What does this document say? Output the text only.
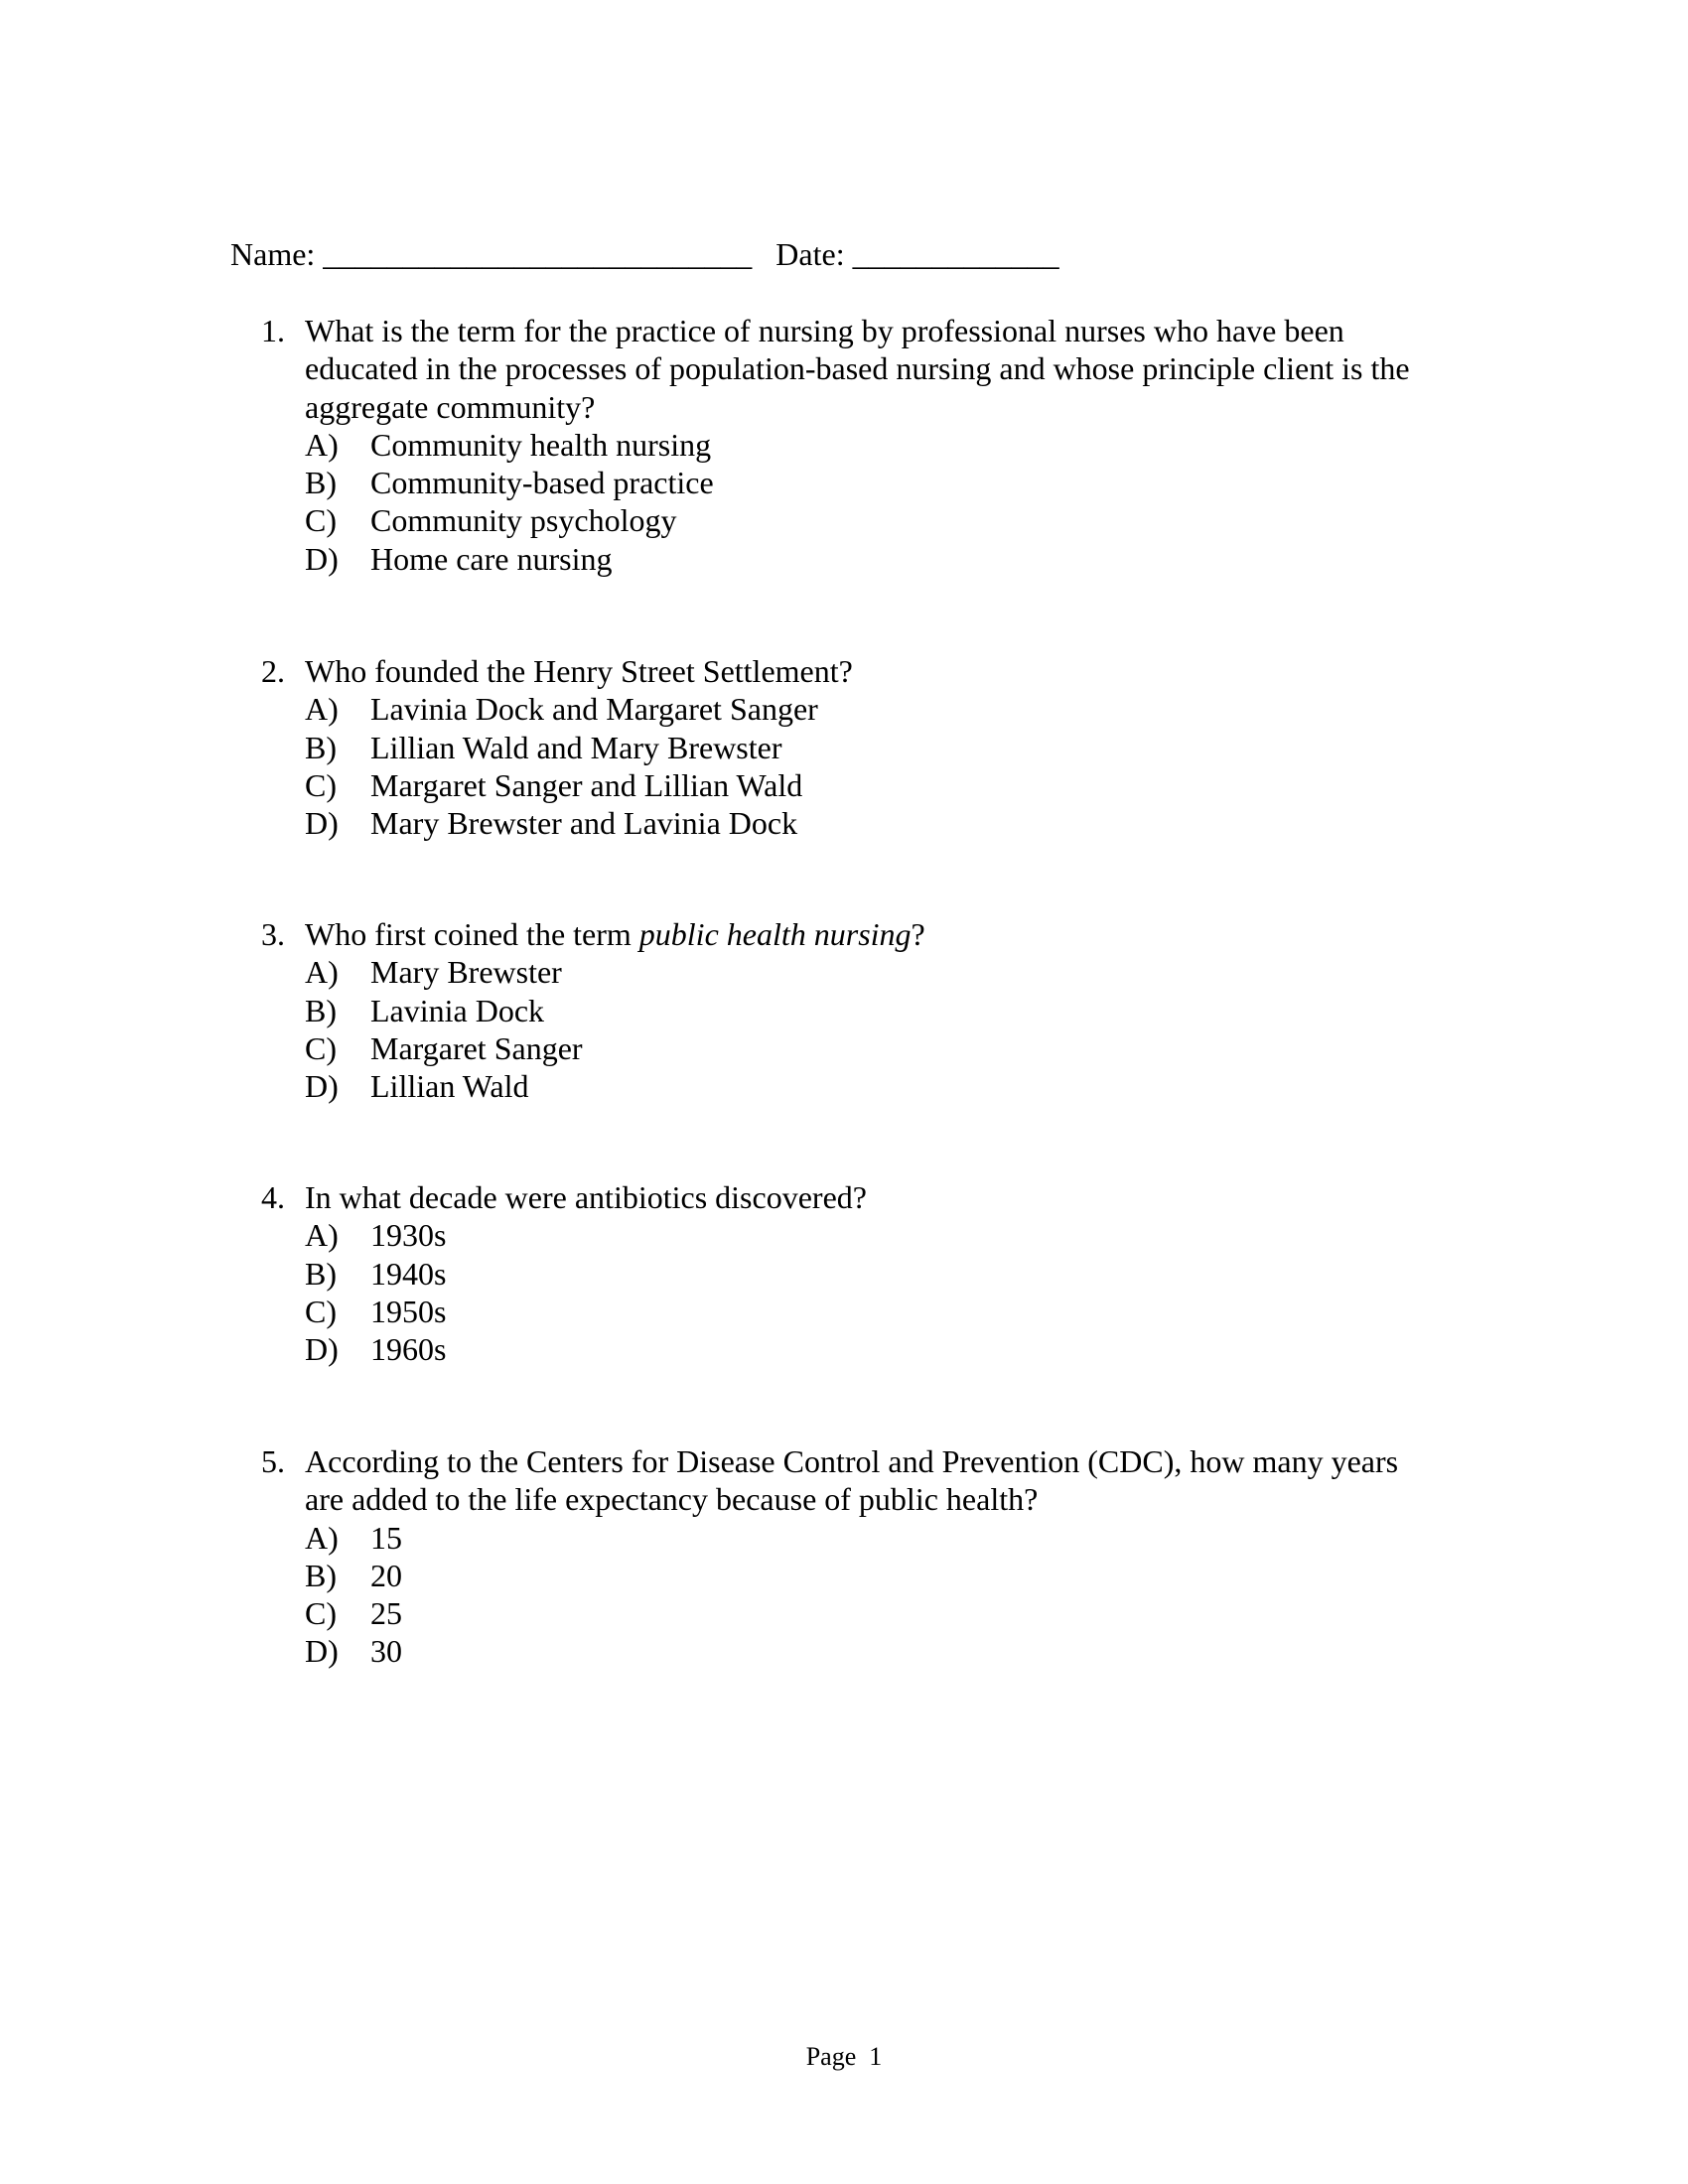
Name: ___________________________ Date: _____________

1. What is the term for the practice of nursing by professional nurses who have been
educated in the processes of population-based nursing and whose principle client is the
aggregate community?
A) Community health nursing
B) Community-based practice
C) Community psychology
D) Home care nursing
2. Who founded the Henry Street Settlement?
A) Lavinia Dock and Margaret Sanger
B) Lillian Wald and Mary Brewster
C) Margaret Sanger and Lillian Wald
D) Mary Brewster and Lavinia Dock
3. Who first coined the term public health nursing?
A) Mary Brewster
B) Lavinia Dock
C) Margaret Sanger
D) Lillian Wald
4. In what decade were antibiotics discovered?
A) 1930s
B) 1940s
C) 1950s
D) 1960s
5. According to the Centers for Disease Control and Prevention (CDC), how many years
are added to the life expectancy because of public health?
A) 15
B) 20
C) 25
D) 30
Page 1
